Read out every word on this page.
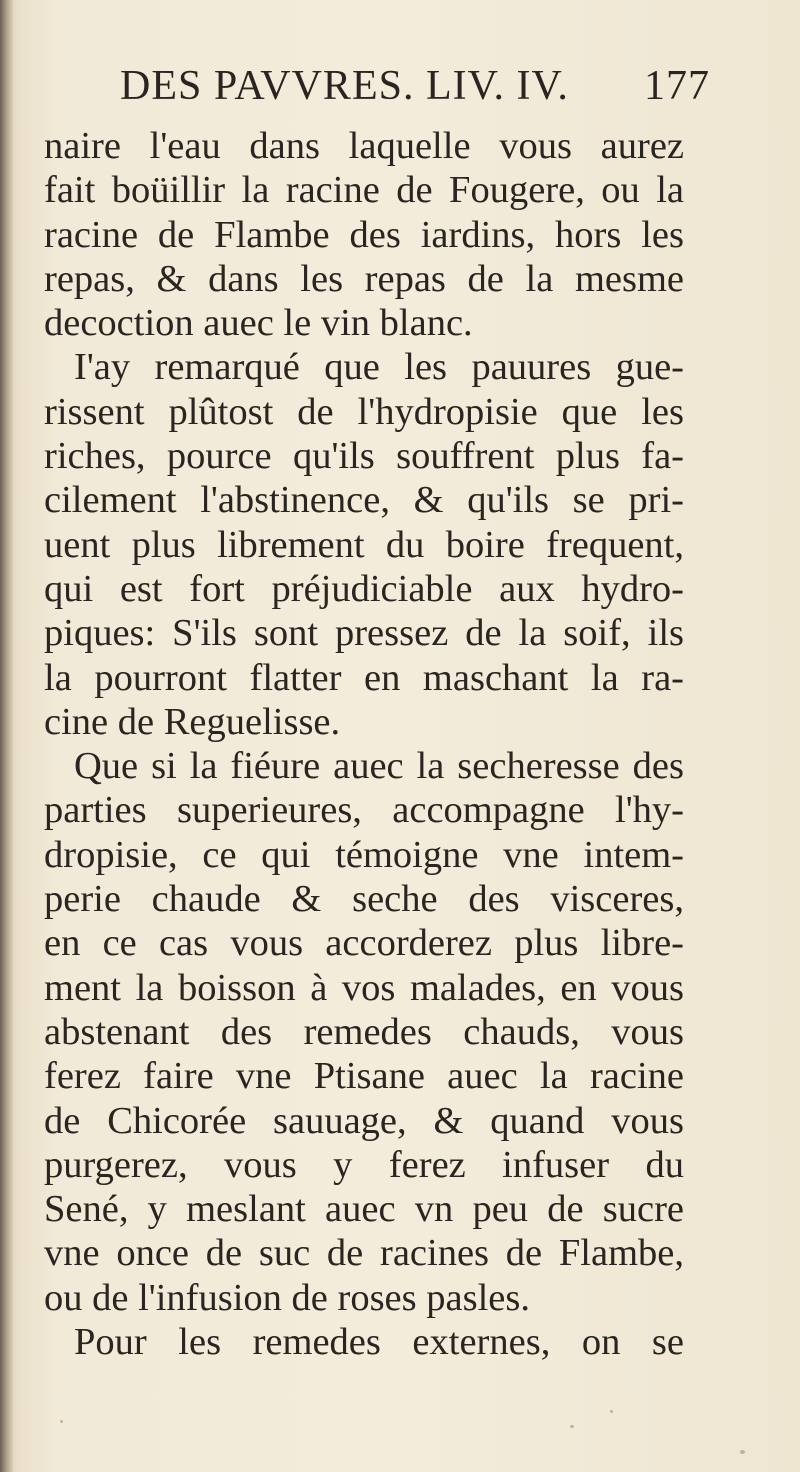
DES PAVVRES. LIV. IV. 177
naire l'eau dans laquelle vous aurez
fait boüillir la racine de Fougere, ou la
racine de Flambe des iardins, hors les
repas, & dans les repas de la mesme
decoction auec le vin blanc.
I'ay remarqué que les pauures gue-
rissent plûtost de l'hydropisie que les
riches, pource qu'ils souffrent plus fa-
cilement l'abstinence, & qu'ils se pri-
uent plus librement du boire frequent,
qui est fort préjudiciable aux hydro-
piques: S'ils sont pressez de la soif, ils
la pourront flatter en maschant la ra-
cine de Reguelisse.
Que si la fiéure auec la secheresse des
parties superieures, accompagne l'hy-
dropisie, ce qui témoigne vne intem-
perie chaude & seche des visceres,
en ce cas vous accorderez plus libre-
ment la boisson à vos malades, en vous
abstenant des remedes chauds, vous
ferez faire vne Ptisane auec la racine
de Chicorée sauuage, & quand vous
purgerez, vous y ferez infuser du
Sené, y meslant auec vn peu de sucre
vne once de suc de racines de Flambe,
ou de l'infusion de roses pasles.
Pour les remedes externes, on se
